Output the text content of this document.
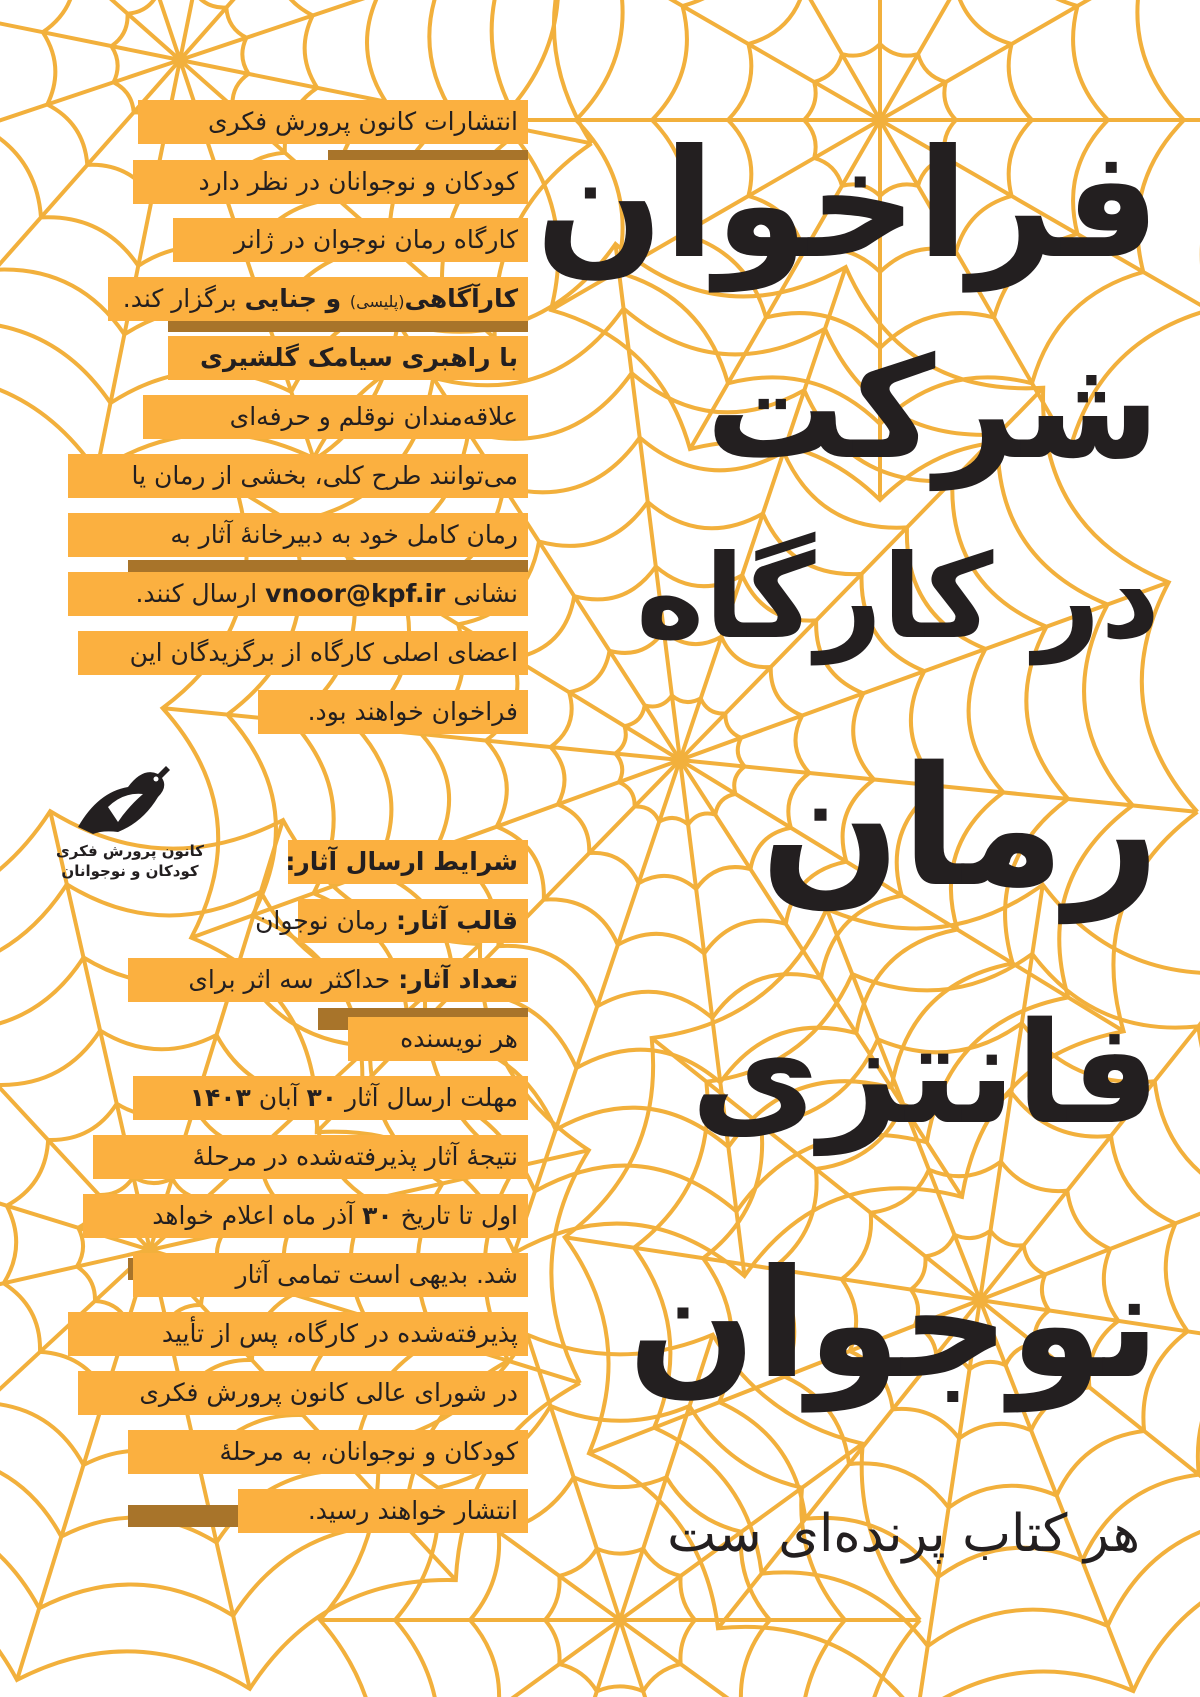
فراخوان
شرکت
در کارگاه
رمان
فانتزی
نوجوان

هر کتاب پرنده‌ای ست

انتشارات کانون پرورش فکری
کودکان و نوجوانان در نظر دارد
کارگاه رمان نوجوان در ژانر
کارآگاهی(پلیسی) و جنایی برگزار کند.
با راهبری سیامک گلشیری
علاقه‌مندان نوقلم و حرفه‌ای
می‌توانند طرح کلی، بخشی از رمان یا
رمان کامل خود به دبیرخانهٔ آثار به
نشانی vnoor@kpf.ir ارسال کنند.
اعضای اصلی کارگاه از برگزیدگان این
فراخوان خواهند بود.
شرایط ارسال آثار:
قالب آثار: رمان نوجوان
تعداد آثار: حداکثر سه اثر برای
هر نویسنده
مهلت ارسال آثار ۳۰ آبان ۱۴۰۳
نتیجهٔ آثار پذیرفته‌شده در مرحلهٔ
اول تا تاریخ ۳۰ آذر ماه اعلام خواهد
شد. بدیهی است تمامی آثار
پذیرفته‌شده در کارگاه، پس از تأیید
در شورای عالی کانون پرورش فکری
کودکان و نوجوانان، به مرحلهٔ
انتشار خواهند رسید.
کانون پرورش فکری
کودکان و نوجوانان
